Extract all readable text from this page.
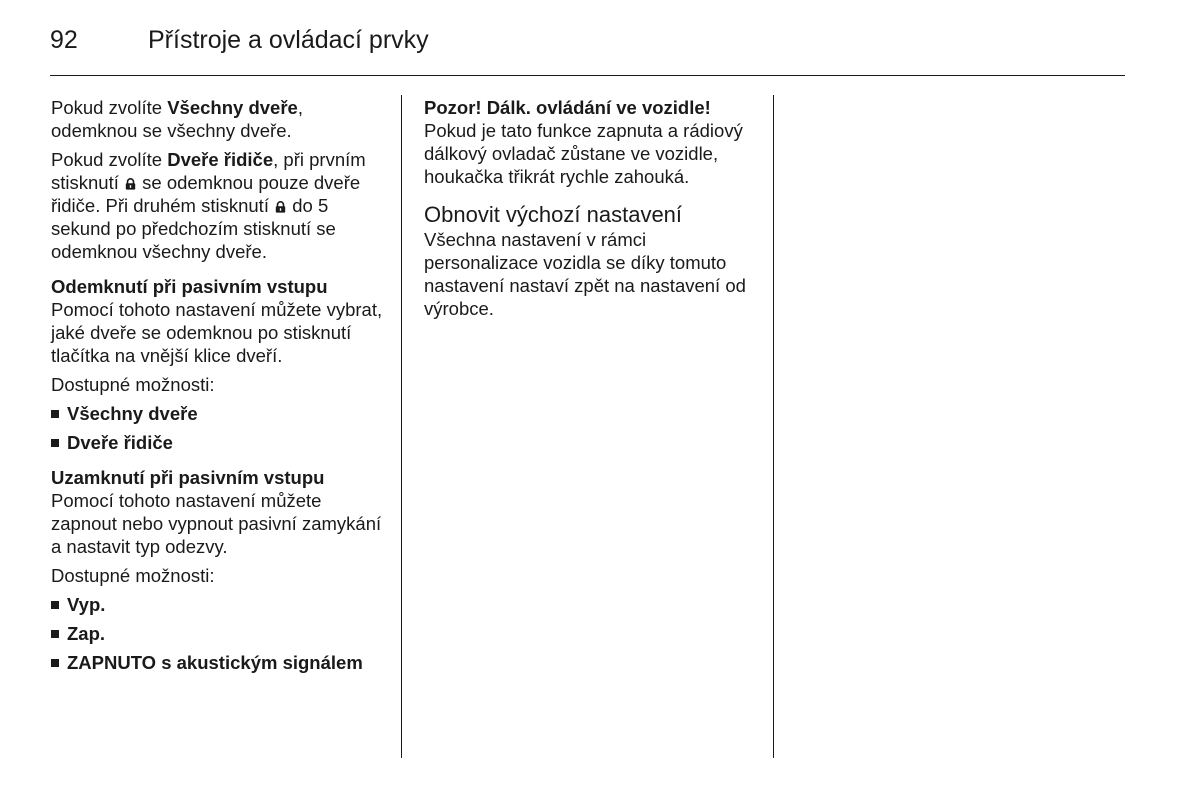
92	Přístroje a ovládací prvky

Pokud zvolíte Všechny dveře, odemknou se všechny dveře.

Pokud zvolíte Dveře řidiče, při prvním stisknutí  se odemknou pouze dveře řidiče. Při druhém stisknutí  do 5 sekund po předchozím stisknutí se odemknou všechny dveře.

Odemknutí při pasivním vstupu

Pomocí tohoto nastavení můžete vybrat, jaké dveře se odemknou po stisknutí tlačítka na vnější klice dveří.

Dostupné možnosti:

Všechny dveře
Dveře řidiče
Uzamknutí při pasivním vstupu

Pomocí tohoto nastavení můžete zapnout nebo vypnout pasivní zamykání a nastavit typ odezvy.

Dostupné možnosti:

Vyp.
Zap.
ZAPNUTO s akustickým signálem
Pozor! Dálk. ovládání ve vozidle!

Pokud je tato funkce zapnuta a rádiový dálkový ovladač zůstane ve vozidle, houkačka třikrát rychle zahouká.

Obnovit výchozí nastavení

Všechna nastavení v rámci personalizace vozidla se díky tomuto nastavení nastaví zpět na nastavení od výrobce.
